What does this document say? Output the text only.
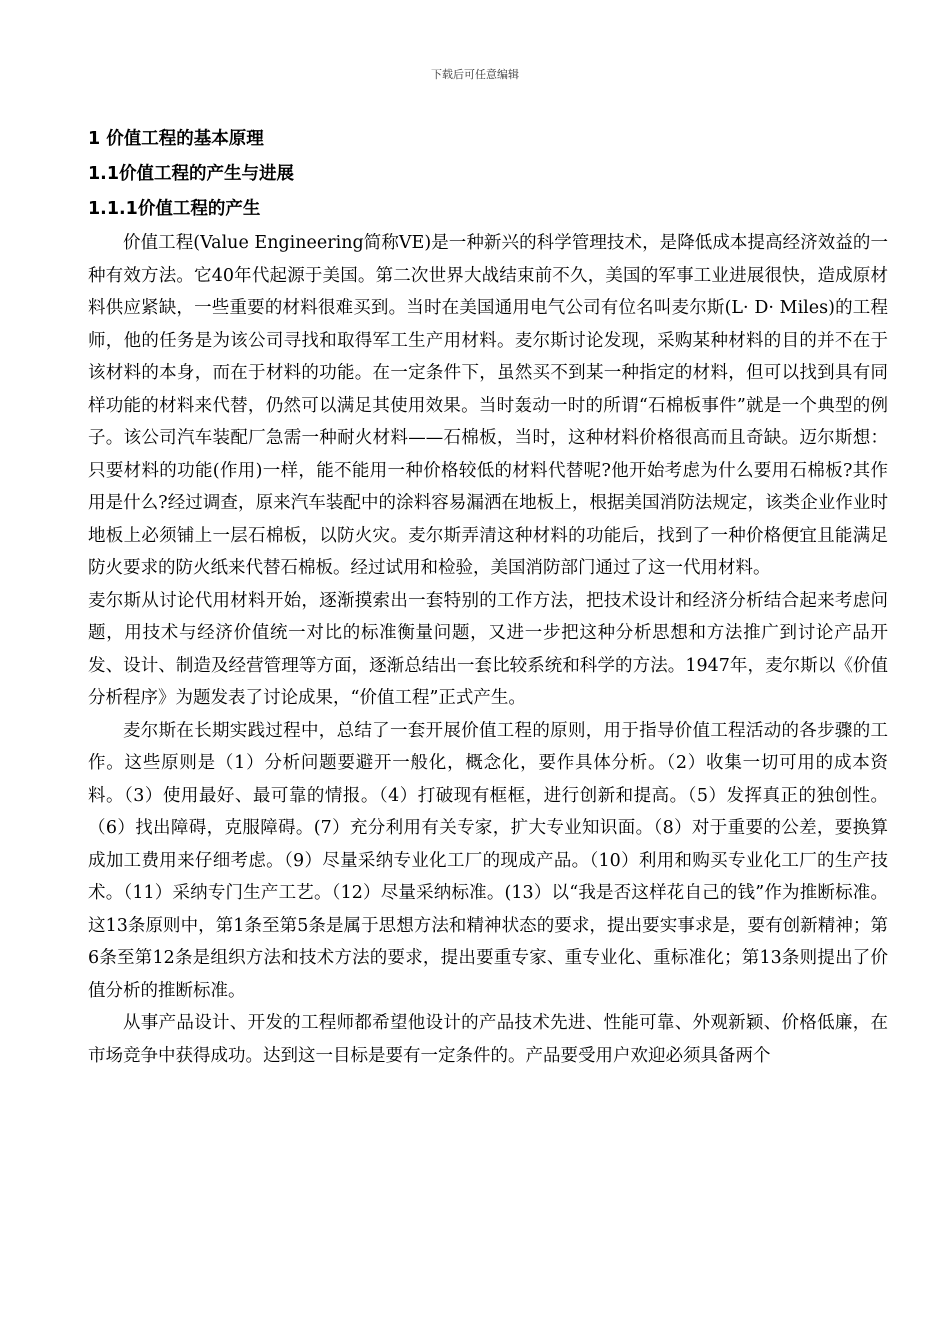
下载后可任意编辑
1 价值工程的基本原理
1.1价值工程的产生与进展
1.1.1价值工程的产生

价值工程(Value Engineering简称VE)是一种新兴的科学管理技术，是降低成本提高经济效益的一种有效方法。它40年代起源于美国。第二次世界大战结束前不久，美国的军事工业进展很快，造成原材料供应紧缺，一些重要的材料很难买到。当时在美国通用电气公司有位名叫麦尔斯(L· D· Miles)的工程师，他的任务是为该公司寻找和取得军工生产用材料。麦尔斯讨论发现，采购某种材料的目的并不在于该材料的本身，而在于材料的功能。在一定条件下，虽然买不到某一种指定的材料，但可以找到具有同样功能的材料来代替，仍然可以满足其使用效果。当时轰动一时的所谓“石棉板事件”就是一个典型的例子。该公司汽车装配厂急需一种耐火材料——石棉板，当时，这种材料价格很高而且奇缺。迈尔斯想：只要材料的功能(作用)一样，能不能用一种价格较低的材料代替呢?他开始考虑为什么要用石棉板?其作用是什么?经过调查，原来汽车装配中的涂料容易漏洒在地板上，根据美国消防法规定，该类企业作业时地板上必须铺上一层石棉板，以防火灾。麦尔斯弄清这种材料的功能后，找到了一种价格便宜且能满足防火要求的防火纸来代替石棉板。经过试用和检验，美国消防部门通过了这一代用材料。

麦尔斯从讨论代用材料开始，逐渐摸索出一套特别的工作方法，把技术设计和经济分析结合起来考虑问题，用技术与经济价值统一对比的标准衡量问题，又进一步把这种分析思想和方法推广到讨论产品开发、设计、制造及经营管理等方面，逐渐总结出一套比较系统和科学的方法。1947年，麦尔斯以《价值分析程序》为题发表了讨论成果，“价值工程”正式产生。

麦尔斯在长期实践过程中，总结了一套开展价值工程的原则，用于指导价值工程活动的各步骤的工作。这些原则是（1）分析问题要避开一般化，概念化，要作具体分析。（2）收集一切可用的成本资料。（3）使用最好、最可靠的情报。（4）打破现有框框，进行创新和提高。（5）发挥真正的独创性。（6）找出障碍，克服障碍。(7）充分利用有关专家，扩大专业知识面。（8）对于重要的公差，要换算成加工费用来仔细考虑。（9）尽量采纳专业化工厂的现成产品。（10）利用和购买专业化工厂的生产技术。（11）采纳专门生产工艺。（12）尽量采纳标准。(13）以“我是否这样花自己的钱”作为推断标准。这13条原则中，第1条至第5条是属于思想方法和精神状态的要求，提出要实事求是，要有创新精神；第6条至第12条是组织方法和技术方法的要求，提出要重专家、重专业化、重标准化；第13条则提出了价值分析的推断标准。

从事产品设计、开发的工程师都希望他设计的产品技术先进、性能可靠、外观新颖、价格低廉，在市场竞争中获得成功。达到这一目标是要有一定条件的。产品要受用户欢迎必须具备两个
